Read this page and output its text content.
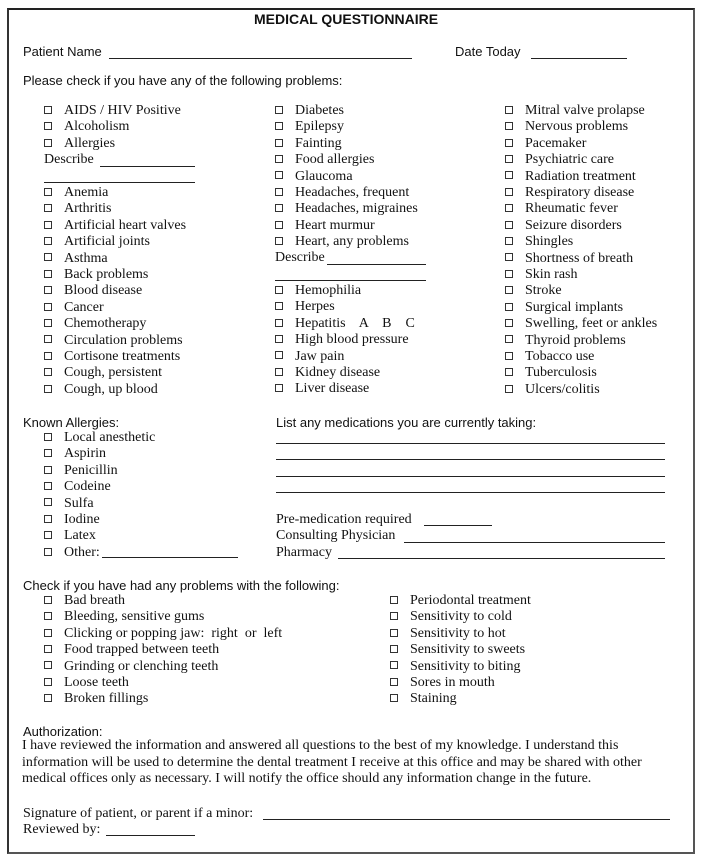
MEDICAL QUESTIONNAIRE
Patient Name	Date Today
Please check if you have any of the following problems:
AIDS / HIV Positive
Alcoholism
Allergies
Describe
Anemia
Arthritis
Artificial heart valves
Artificial joints
Asthma
Back problems
Blood disease
Cancer
Chemotherapy
Circulation problems
Cortisone treatments
Cough, persistent
Cough, up blood
Diabetes
Epilepsy
Fainting
Food allergies
Glaucoma
Headaches, frequent
Headaches, migraines
Heart murmur
Heart, any problems
Describe
Hemophilia
Herpes
Hepatitis    A    B    C
High blood pressure
Jaw pain
Kidney disease
Liver disease
Mitral valve prolapse
Nervous problems
Pacemaker
Psychiatric care
Radiation treatment
Respiratory disease
Rheumatic fever
Seizure disorders
Shingles
Shortness of breath
Skin rash
Stroke
Surgical implants
Swelling, feet or ankles
Thyroid problems
Tobacco use
Tuberculosis
Ulcers/colitis
Known Allergies:
Local anesthetic
Aspirin
Penicillin
Codeine
Sulfa
Iodine
Latex
Other:
List any medications you are currently taking:
Pre-medication required
Consulting Physician
Pharmacy
Check if you have had any problems with the following:
Bad breath
Bleeding, sensitive gums
Clicking or popping jaw:  right  or  left
Food trapped between teeth
Grinding or clenching teeth
Loose teeth
Broken fillings
Periodontal treatment
Sensitivity to cold
Sensitivity to hot
Sensitivity to sweets
Sensitivity to biting
Sores in mouth
Staining
Authorization:
I have reviewed the information and answered all questions to the best of my knowledge. I understand this information will be used to determine the dental treatment I receive at this office and may be shared with other medical offices only as necessary. I will notify the office should any information change in the future.
Signature of patient, or parent if a minor:
Reviewed by:
